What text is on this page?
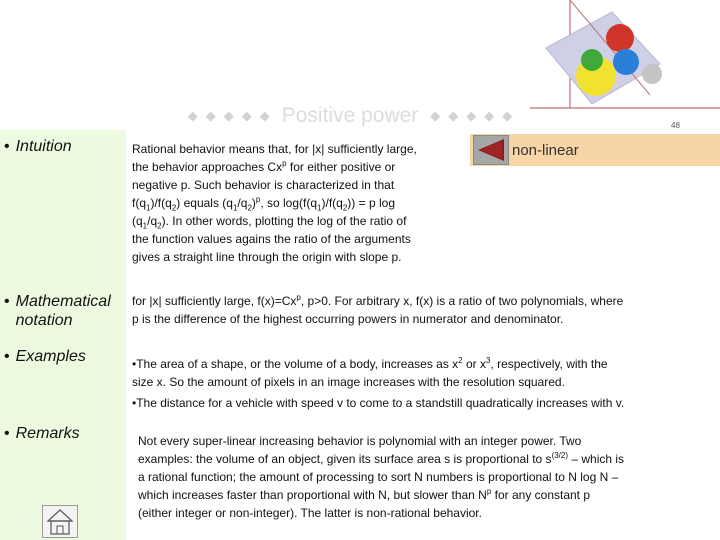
◆ ◆ ◆ ◆ ◆ Positive power ◆ ◆ ◆ ◆ ◆
48
non-linear
• Intuition
• Mathematical
notation
• Examples
• Remarks
Rational behavior means that, for |x| sufficiently large,
the behavior approaches Cx$^p$ for either positive or
negative p. Such behavior is characterized in that
$f(q_1)/f(q_2)$ equals $(q_1/q_2)^p$, so $\log(f(q_1)/f(q_2)) = p$ log
$(q_1/q_2)$. In other words, plotting the log of the ratio of
the function values agains the ratio of the arguments
gives a straight line through the origin with slope p.
for |x| sufficiently large, $f(x)=Cx^p$, p>0. For arbitrary x, f(x) is a ratio of two polynomials, where
p is the difference of the highest occurring powers in numerator and denominator.
•The area of a shape, or the volume of a body, increases as $x^2$ or $x^3$, respectively, with the
size x. So the amount of pixels in an image increases with the resolution squared.
•The distance for a vehicle with speed v to come to a standstill quadratically increases with v.
Not every super-linear increasing behavior is polynomial with an integer power. Two
examples: the volume of an object, given its surface area s is proportional to $s^{(3/2)}$ – which is
a rational function; the amount of processing to sort N numbers is proportional to N log N –
which increases faster than proportional with N, but slower than $N^p$ for any constant p
(either integer or non-integer). The latter is non-rational behavior.
